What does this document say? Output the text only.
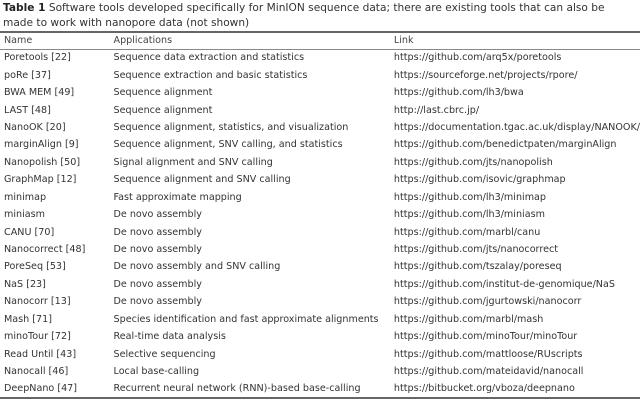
Table 1 Software tools developed specifically for MinION sequence data; there are existing tools that can also be made to work with nanopore data (not shown)
Name	Applications	Link
Poretools [22]	Sequence data extraction and statistics	https://github.com/arq5x/poretools
poRe [37]	Sequence extraction and basic statistics	https://sourceforge.net/projects/rpore/
BWA MEM [49]	Sequence alignment	https://github.com/lh3/bwa
LAST [48]	Sequence alignment	http://last.cbrc.jp/
NanoOK [20]	Sequence alignment, statistics, and visualization	https://documentation.tgac.ac.uk/display/NANOOK/
marginAlign [9]	Sequence alignment, SNV calling, and statistics	https://github.com/benedictpaten/marginAlign
Nanopolish [50]	Signal alignment and SNV calling	https://github.com/jts/nanopolish
GraphMap [12]	Sequence alignment and SNV calling	https://github.com/isovic/graphmap
minimap	Fast approximate mapping	https://github.com/lh3/minimap
miniasm	De novo assembly	https://github.com/lh3/miniasm
CANU [70]	De novo assembly	https://github.com/marbl/canu
Nanocorrect [48]	De novo assembly	https://github.com/jts/nanocorrect
PoreSeq [53]	De novo assembly and SNV calling	https://github.com/tszalay/poreseq
NaS [23]	De novo assembly	https://github.com/institut-de-genomique/NaS
Nanocorr [13]	De novo assembly	https://github.com/jgurtowski/nanocorr
Mash [71]	Species identification and fast approximate alignments	https://github.com/marbl/mash
minoTour [72]	Real-time data analysis	https://github.com/minoTour/minoTour
Read Until [43]	Selective sequencing	https://github.com/mattloose/RUscripts
Nanocall [46]	Local base-calling	https://github.com/mateidavid/nanocall
DeepNano [47]	Recurrent neural network (RNN)-based base-calling	https://bitbucket.org/vboza/deepnano
